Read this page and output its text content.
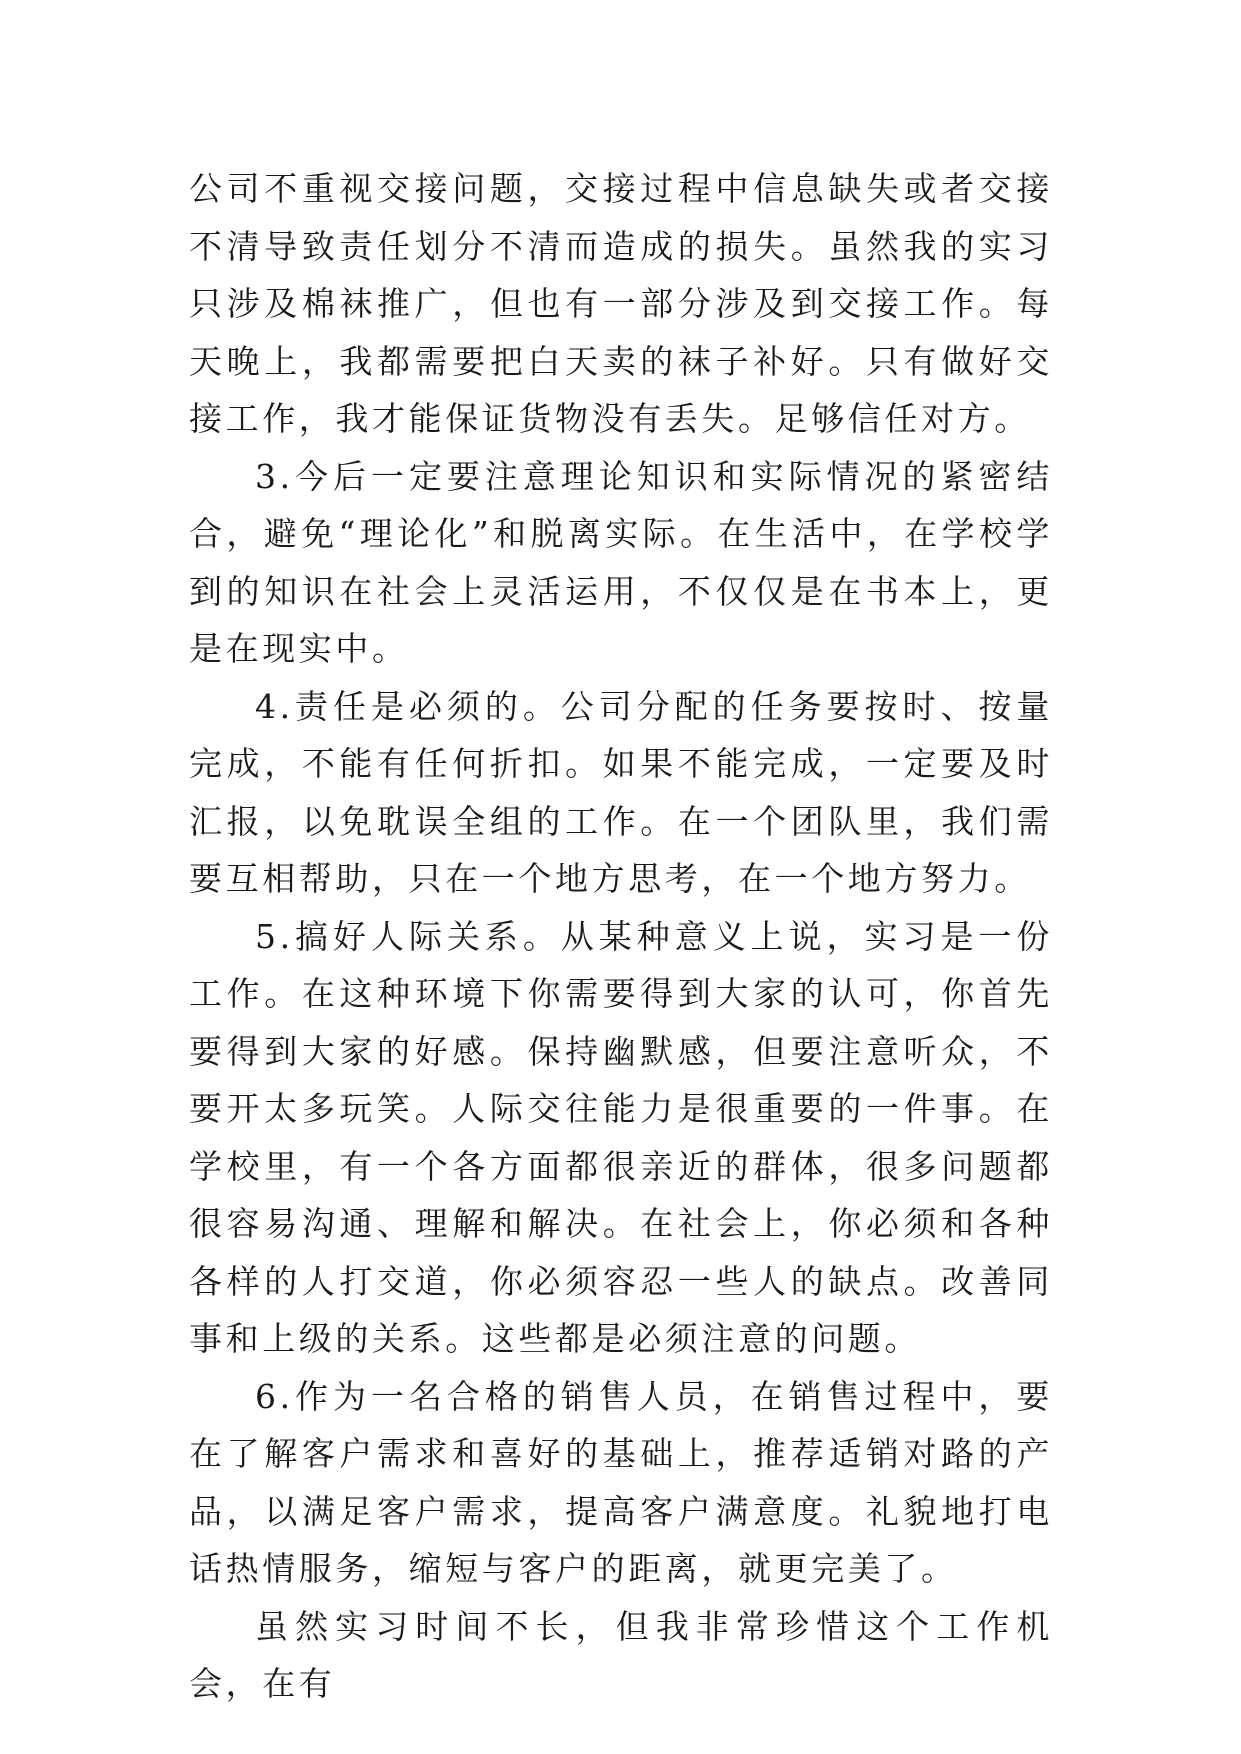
公司不重视交接问题，交接过程中信息缺失或者交接不清导致责任划分不清而造成的损失。虽然我的实习只涉及棉袜推广，但也有一部分涉及到交接工作。每天晚上，我都需要把白天卖的袜子补好。只有做好交接工作，我才能保证货物没有丢失。足够信任对方。

3.今后一定要注意理论知识和实际情况的紧密结合，避免“理论化”和脱离实际。在生活中，在学校学到的知识在社会上灵活运用，不仅仅是在书本上，更是在现实中。

4.责任是必须的。公司分配的任务要按时、按量完成，不能有任何折扣。如果不能完成，一定要及时汇报，以免耽误全组的工作。在一个团队里，我们需要互相帮助，只在一个地方思考，在一个地方努力。

5.搞好人际关系。从某种意义上说，实习是一份工作。在这种环境下你需要得到大家的认可，你首先要得到大家的好感。保持幽默感，但要注意听众，不要开太多玩笑。人际交往能力是很重要的一件事。在学校里，有一个各方面都很亲近的群体，很多问题都很容易沟通、理解和解决。在社会上，你必须和各种各样的人打交道，你必须容忍一些人的缺点。改善同事和上级的关系。这些都是必须注意的问题。

6.作为一名合格的销售人员，在销售过程中，要在了解客户需求和喜好的基础上，推荐适销对路的产品，以满足客户需求，提高客户满意度。礼貌地打电话热情服务，缩短与客户的距离，就更完美了。

虽然实习时间不长，但我非常珍惜这个工作机会，在有
